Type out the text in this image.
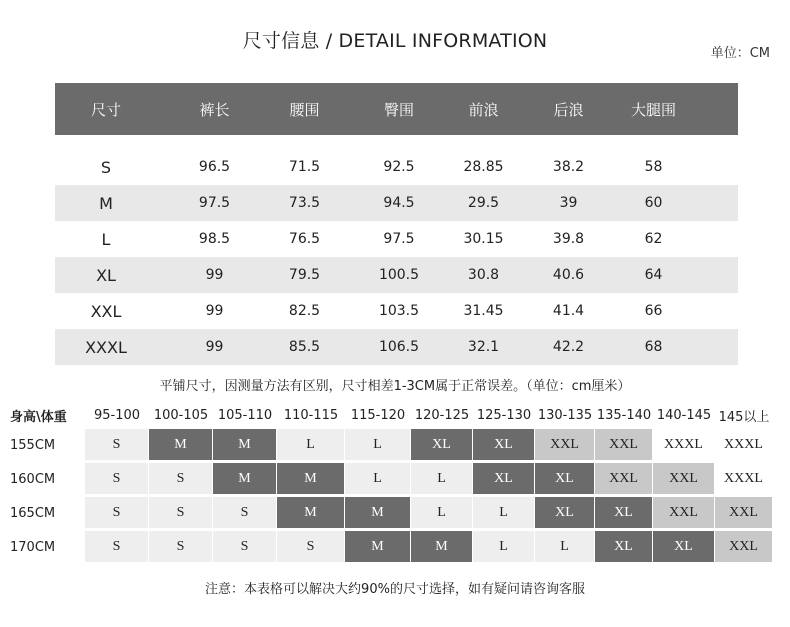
尺寸信息 / DETAIL INFORMATION
单位：CM
尺寸	裤长	腰围	臀围	前浪	后浪	大腿围
S	96.5	71.5	92.5	28.85	38.2	58
M	97.5	73.5	94.5	29.5	39	60
L	98.5	76.5	97.5	30.15	39.8	62
XL	99	79.5	100.5	30.8	40.6	64
XXL	99	82.5	103.5	31.45	41.4	66
XXXL	99	85.5	106.5	32.1	42.2	68
平铺尺寸，因测量方法有区别，尺寸相差1-3CM属于正常误差。（单位：cm厘米）
身高\体重	95-100	100-105 105-110 110-115 115-120 120-125 125-130 130-135 135-140 140-145 145以上
155CM	S	M	M	L	L	XL	XL	XXL	XXL	XXXL	XXXL
160CM	S	S	M	M	L	L	XL	XL	XXL	XXL	XXXL
165CM	S	S	S	M	M	L	L	XL	XL	XXL	XXL
170CM	S	S	S	S	M	M	L	L	XL	XL	XXL
注意：本表格可以解决大约90%的尺寸选择，如有疑问请咨询客服
